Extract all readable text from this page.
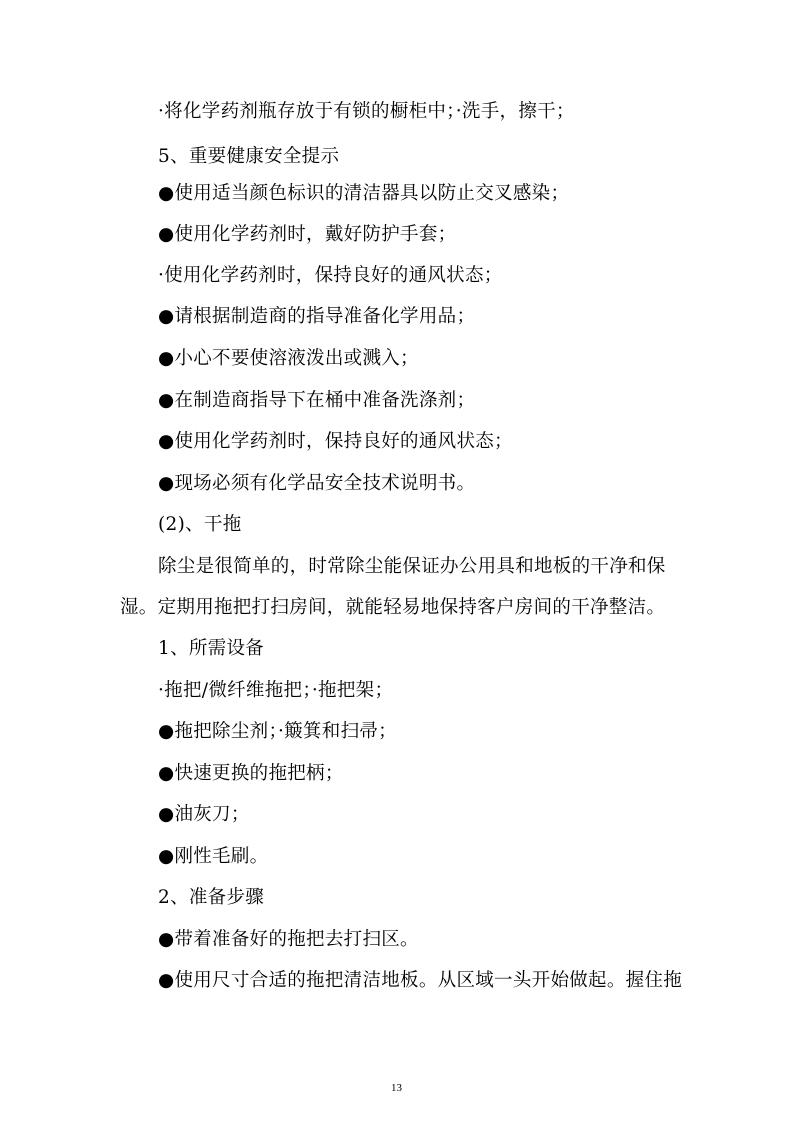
·将化学药剂瓶存放于有锁的橱柜中；·洗手，擦干；
5、重要健康安全提示
●使用适当颜色标识的清洁器具以防止交叉感染；
●使用化学药剂时，戴好防护手套；
·使用化学药剂时，保持良好的通风状态；
●请根据制造商的指导准备化学用品；
●小心不要使溶液泼出或溅入；
●在制造商指导下在桶中准备洗涤剂；
●使用化学药剂时，保持良好的通风状态；
●现场必须有化学品安全技术说明书。
(2)、干拖
除尘是很简单的，时常除尘能保证办公用具和地板的干净和保
湿。定期用拖把打扫房间，就能轻易地保持客户房间的干净整洁。
1、所需设备
·拖把/微纤维拖把；·拖把架；
●拖把除尘剂；·簸箕和扫帚；
●快速更换的拖把柄；
●油灰刀；
●刚性毛刷。
2、准备步骤
●带着准备好的拖把去打扫区。
●使用尺寸合适的拖把清洁地板。从区域一头开始做起。握住拖
13
